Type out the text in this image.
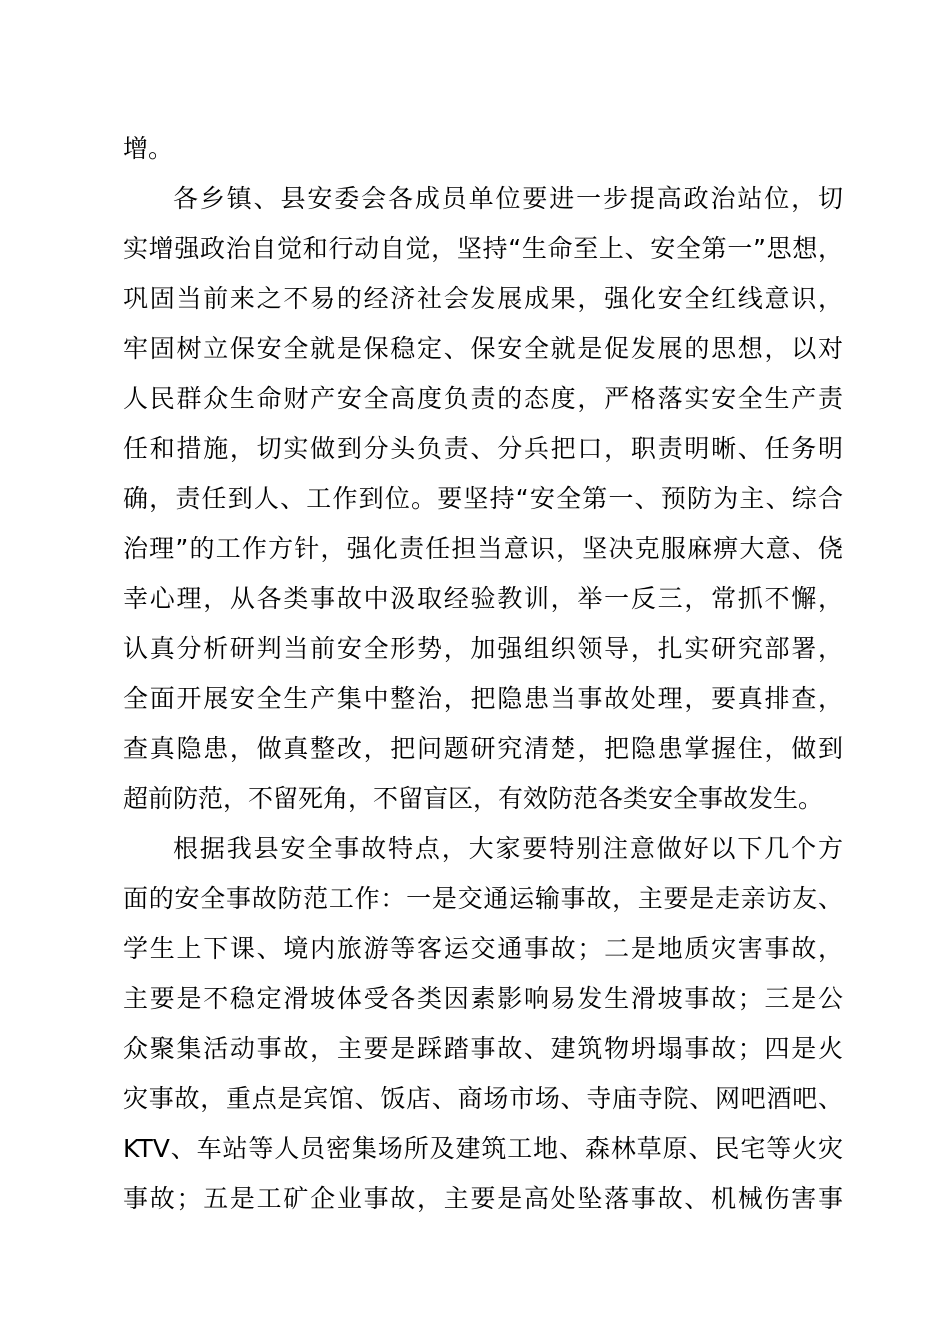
增。
各乡镇、县安委会各成员单位要进一步提高政治站位，切
实增强政治自觉和行动自觉，坚持“生命至上、安全第一”思想，
巩固当前来之不易的经济社会发展成果，强化安全红线意识，
牢固树立保安全就是保稳定、保安全就是促发展的思想，以对
人民群众生命财产安全高度负责的态度，严格落实安全生产责
任和措施，切实做到分头负责、分兵把口，职责明晰、任务明
确，责任到人、工作到位。要坚持“安全第一、预防为主、综合
治理”的工作方针，强化责任担当意识，坚决克服麻痹大意、侥
幸心理，从各类事故中汲取经验教训，举一反三，常抓不懈，
认真分析研判当前安全形势，加强组织领导，扎实研究部署，
全面开展安全生产集中整治，把隐患当事故处理，要真排查，
查真隐患，做真整改，把问题研究清楚，把隐患掌握住，做到
超前防范，不留死角，不留盲区，有效防范各类安全事故发生。
根据我县安全事故特点，大家要特别注意做好以下几个方
面的安全事故防范工作：一是交通运输事故，主要是走亲访友、
学生上下课、境内旅游等客运交通事故；二是地质灾害事故，
主要是不稳定滑坡体受各类因素影响易发生滑坡事故；三是公
众聚集活动事故，主要是踩踏事故、建筑物坍塌事故；四是火
灾事故，重点是宾馆、饭店、商场市场、寺庙寺院、网吧酒吧、
KTV、车站等人员密集场所及建筑工地、森林草原、民宅等火灾
事故；五是工矿企业事故，主要是高处坠落事故、机械伤害事
